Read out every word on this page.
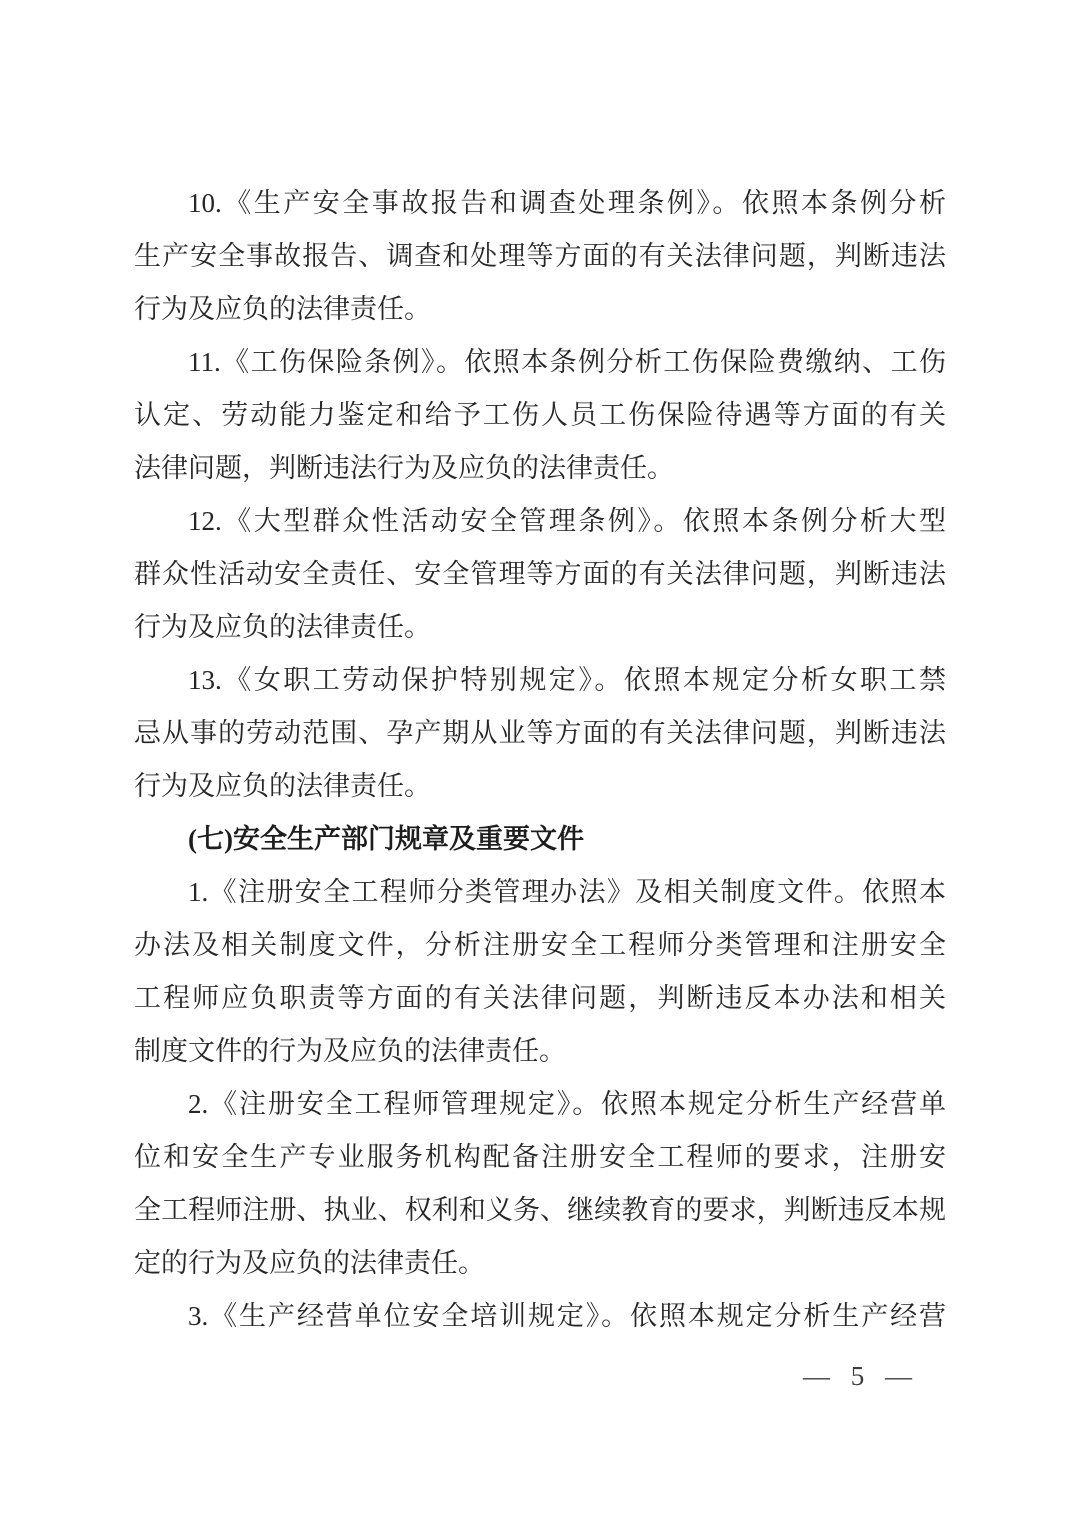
10.《生产安全事故报告和调查处理条例》。依照本条例分析
生产安全事故报告、调查和处理等方面的有关法律问题，判断违法
行为及应负的法律责任。
11.《工伤保险条例》。依照本条例分析工伤保险费缴纳、工伤
认定、劳动能力鉴定和给予工伤人员工伤保险待遇等方面的有关
法律问题，判断违法行为及应负的法律责任。
12.《大型群众性活动安全管理条例》。依照本条例分析大型
群众性活动安全责任、安全管理等方面的有关法律问题，判断违法
行为及应负的法律责任。
13.《女职工劳动保护特别规定》。依照本规定分析女职工禁
忌从事的劳动范围、孕产期从业等方面的有关法律问题，判断违法
行为及应负的法律责任。
(七)安全生产部门规章及重要文件
1.《注册安全工程师分类管理办法》及相关制度文件。依照本
办法及相关制度文件，分析注册安全工程师分类管理和注册安全
工程师应负职责等方面的有关法律问题，判断违反本办法和相关
制度文件的行为及应负的法律责任。
2.《注册安全工程师管理规定》。依照本规定分析生产经营单
位和安全生产专业服务机构配备注册安全工程师的要求，注册安
全工程师注册、执业、权利和义务、继续教育的要求，判断违反本规
定的行为及应负的法律责任。
3.《生产经营单位安全培训规定》。依照本规定分析生产经营
— 5 —
